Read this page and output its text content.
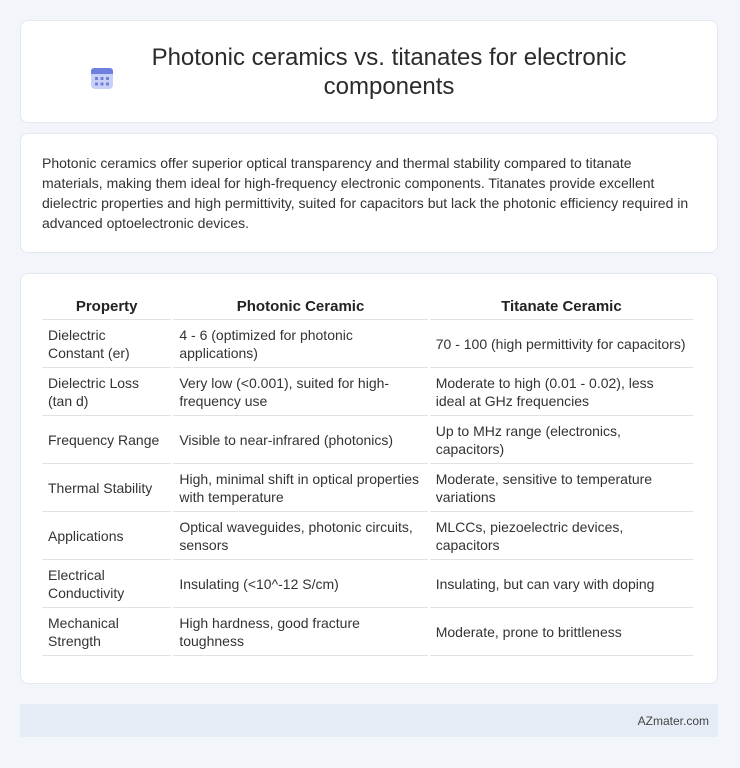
Photonic ceramics vs. titanates for electronic components

Photonic ceramics offer superior optical transparency and thermal stability compared to titanate materials, making them ideal for high-frequency electronic components. Titanates provide excellent dielectric properties and high permittivity, suited for capacitors but lack the photonic efficiency required in advanced optoelectronic devices.

Property	Photonic Ceramic	Titanate Ceramic
Dielectric Constant (er)	4 - 6 (optimized for photonic applications)	70 - 100 (high permittivity for capacitors)
Dielectric Loss (tan d)	Very low (<0.001), suited for high-frequency use	Moderate to high (0.01 - 0.02), less ideal at GHz frequencies
Frequency Range	Visible to near-infrared (photonics)	Up to MHz range (electronics, capacitors)
Thermal Stability	High, minimal shift in optical properties with temperature	Moderate, sensitive to temperature variations
Applications	Optical waveguides, photonic circuits, sensors	MLCCs, piezoelectric devices, capacitors
Electrical Conductivity	Insulating (<10^-12 S/cm)	Insulating, but can vary with doping
Mechanical Strength	High hardness, good fracture toughness	Moderate, prone to brittleness
AZmater.com
